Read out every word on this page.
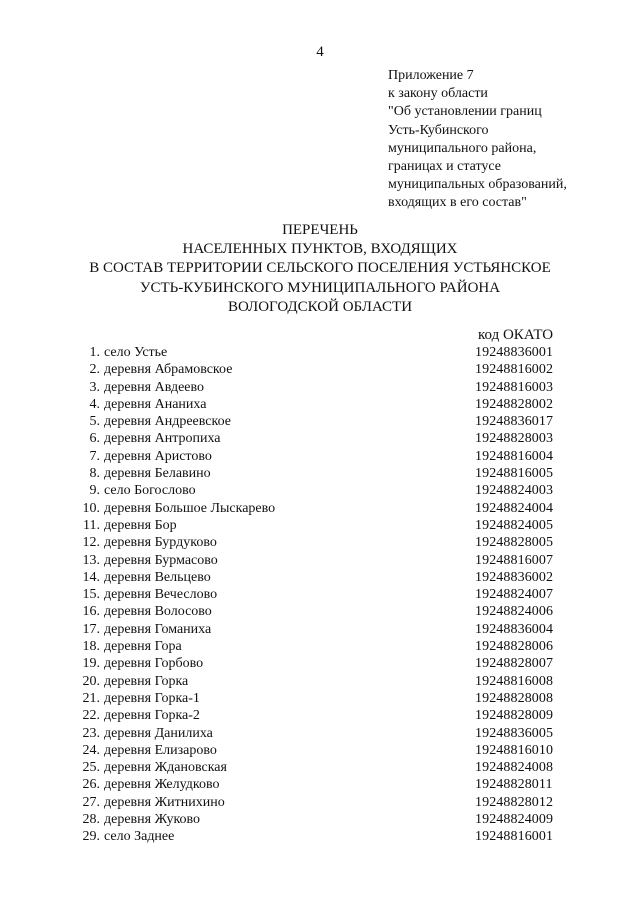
4
Приложение 7
к закону области
"Об установлении границ
Усть-Кубинского
муниципального района,
границах и статусе
муниципальных образований,
входящих в его состав"
ПЕРЕЧЕНЬ
НАСЕЛЕННЫХ ПУНКТОВ, ВХОДЯЩИХ
В СОСТАВ ТЕРРИТОРИИ СЕЛЬСКОГО ПОСЕЛЕНИЯ УСТЬЯНСКОЕ
УСТЬ-КУБИНСКОГО МУНИЦИПАЛЬНОГО РАЙОНА
ВОЛОГОДСКОЙ ОБЛАСТИ
код ОКАТО
1. село Устье	19248836001
2. деревня Абрамовское	19248816002
3. деревня Авдеево	19248816003
4. деревня Ананиха	19248828002
5. деревня Андреевское	19248836017
6. деревня Антропиха	19248828003
7. деревня Аристово	19248816004
8. деревня Белавино	19248816005
9. село Богослово	19248824003
10. деревня Большое Лыскарево	19248824004
11. деревня Бор	19248824005
12. деревня Бурдуково	19248828005
13. деревня Бурмасово	19248816007
14. деревня Вельцево	19248836002
15. деревня Вечеслово	19248824007
16. деревня Волосово	19248824006
17. деревня Гоманиха	19248836004
18. деревня Гора	19248828006
19. деревня Горбово	19248828007
20. деревня Горка	19248816008
21. деревня Горка-1	19248828008
22. деревня Горка-2	19248828009
23. деревня Данилиха	19248836005
24. деревня Елизарово	19248816010
25. деревня Ждановская	19248824008
26. деревня Желудково	19248828011
27. деревня Житнихино	19248828012
28. деревня Жуково	19248824009
29. село Заднее	19248816001
